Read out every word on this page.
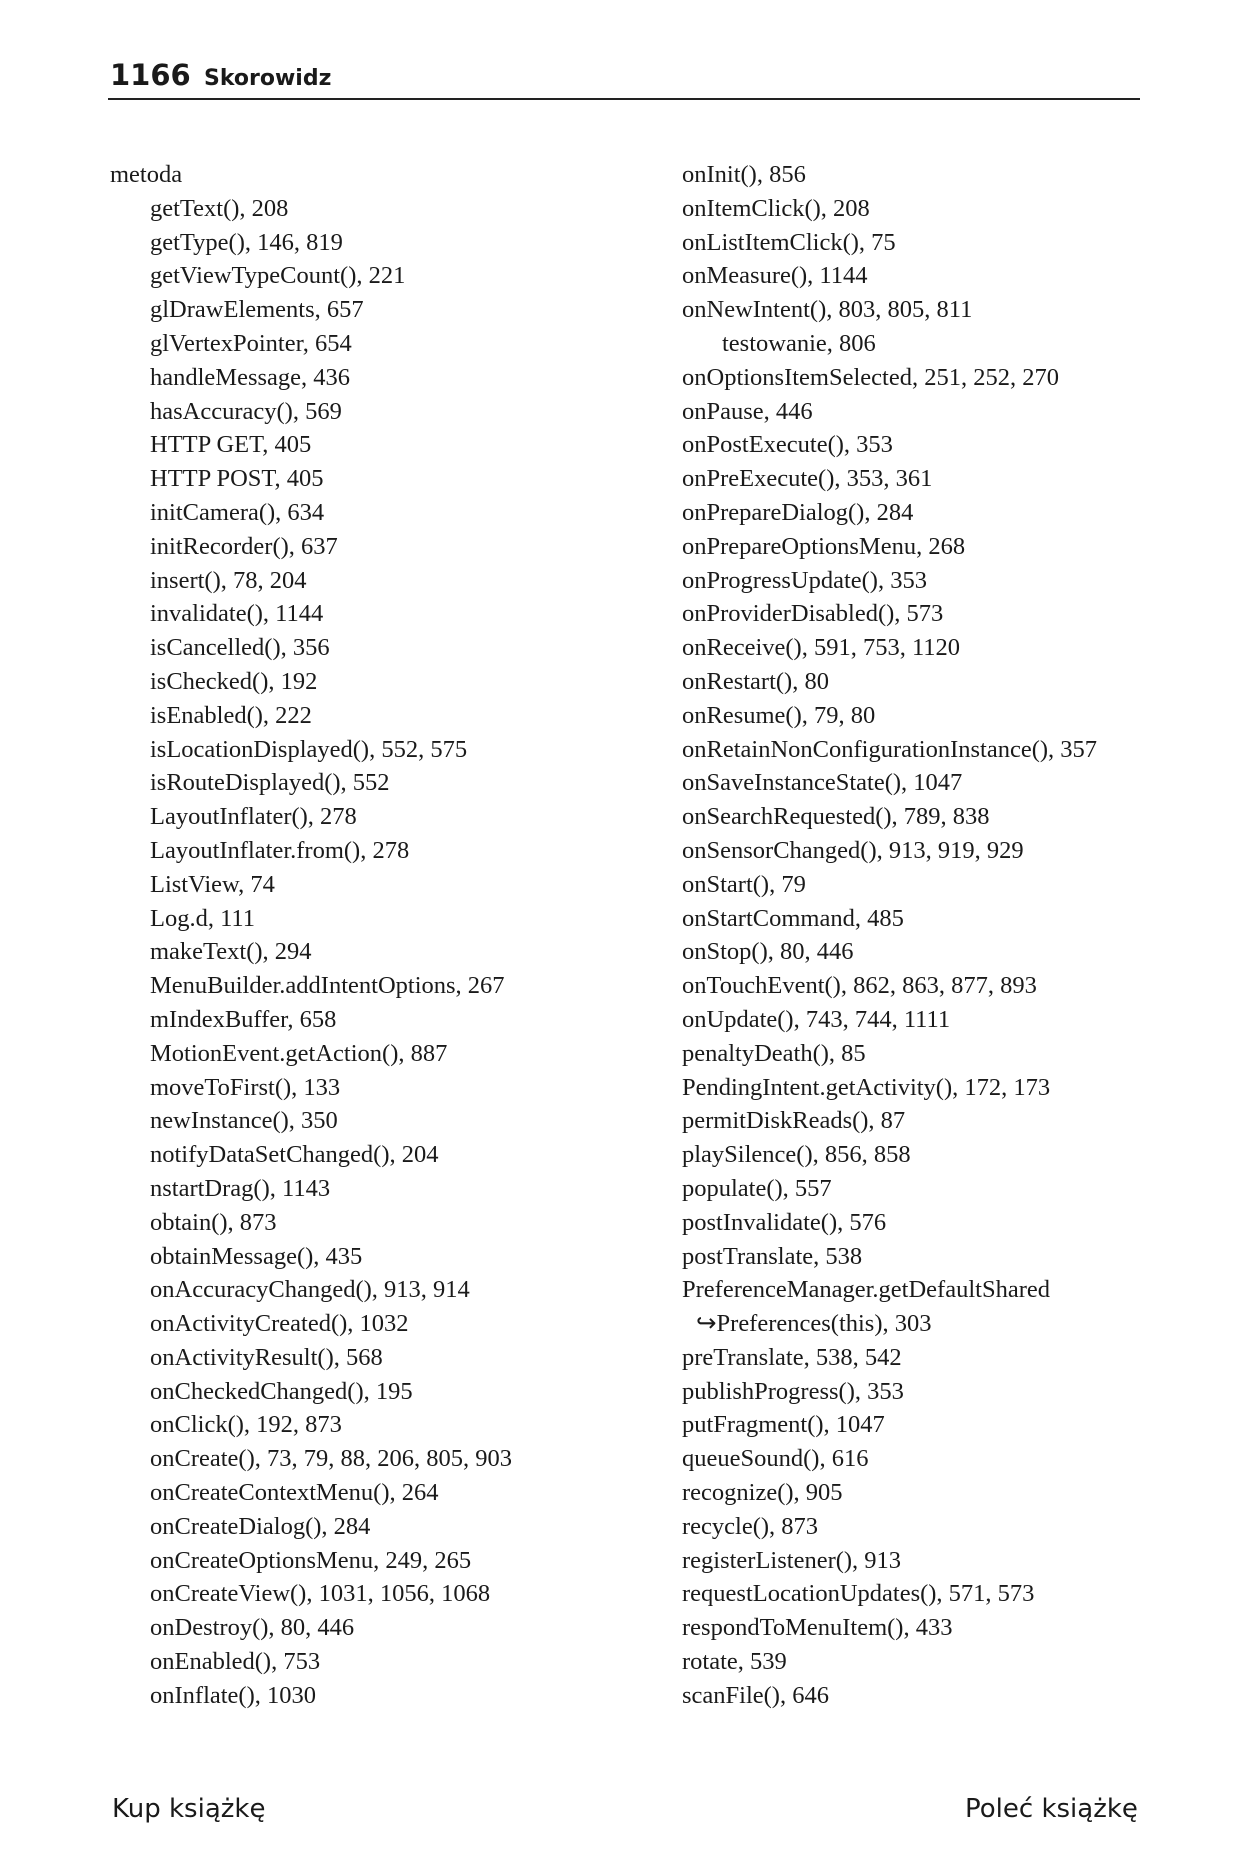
1166 Skorowidz
metoda
getText(), 208
getType(), 146, 819
getViewTypeCount(), 221
glDrawElements, 657
glVertexPointer, 654
handleMessage, 436
hasAccuracy(), 569
HTTP GET, 405
HTTP POST, 405
initCamera(), 634
initRecorder(), 637
insert(), 78, 204
invalidate(), 1144
isCancelled(), 356
isChecked(), 192
isEnabled(), 222
isLocationDisplayed(), 552, 575
isRouteDisplayed(), 552
LayoutInflater(), 278
LayoutInflater.from(), 278
ListView, 74
Log.d, 111
makeText(), 294
MenuBuilder.addIntentOptions, 267
mIndexBuffer, 658
MotionEvent.getAction(), 887
moveToFirst(), 133
newInstance(), 350
notifyDataSetChanged(), 204
nstartDrag(), 1143
obtain(), 873
obtainMessage(), 435
onAccuracyChanged(), 913, 914
onActivityCreated(), 1032
onActivityResult(), 568
onCheckedChanged(), 195
onClick(), 192, 873
onCreate(), 73, 79, 88, 206, 805, 903
onCreateContextMenu(), 264
onCreateDialog(), 284
onCreateOptionsMenu, 249, 265
onCreateView(), 1031, 1056, 1068
onDestroy(), 80, 446
onEnabled(), 753
onInflate(), 1030
onInit(), 856
onItemClick(), 208
onListItemClick(), 75
onMeasure(), 1144
onNewIntent(), 803, 805, 811
testowanie, 806
onOptionsItemSelected, 251, 252, 270
onPause, 446
onPostExecute(), 353
onPreExecute(), 353, 361
onPrepareDialog(), 284
onPrepareOptionsMenu, 268
onProgressUpdate(), 353
onProviderDisabled(), 573
onReceive(), 591, 753, 1120
onRestart(), 80
onResume(), 79, 80
onRetainNonConfigurationInstance(), 357
onSaveInstanceState(), 1047
onSearchRequested(), 789, 838
onSensorChanged(), 913, 919, 929
onStart(), 79
onStartCommand, 485
onStop(), 80, 446
onTouchEvent(), 862, 863, 877, 893
onUpdate(), 743, 744, 1111
penaltyDeath(), 85
PendingIntent.getActivity(), 172, 173
permitDiskReads(), 87
playSilence(), 856, 858
populate(), 557
postInvalidate(), 576
postTranslate, 538
PreferenceManager.getDefaultShared
↪Preferences(this), 303
preTranslate, 538, 542
publishProgress(), 353
putFragment(), 1047
queueSound(), 616
recognize(), 905
recycle(), 873
registerListener(), 913
requestLocationUpdates(), 571, 573
respondToMenuItem(), 433
rotate, 539
scanFile(), 646
Kup książkę	Poleć książkę
